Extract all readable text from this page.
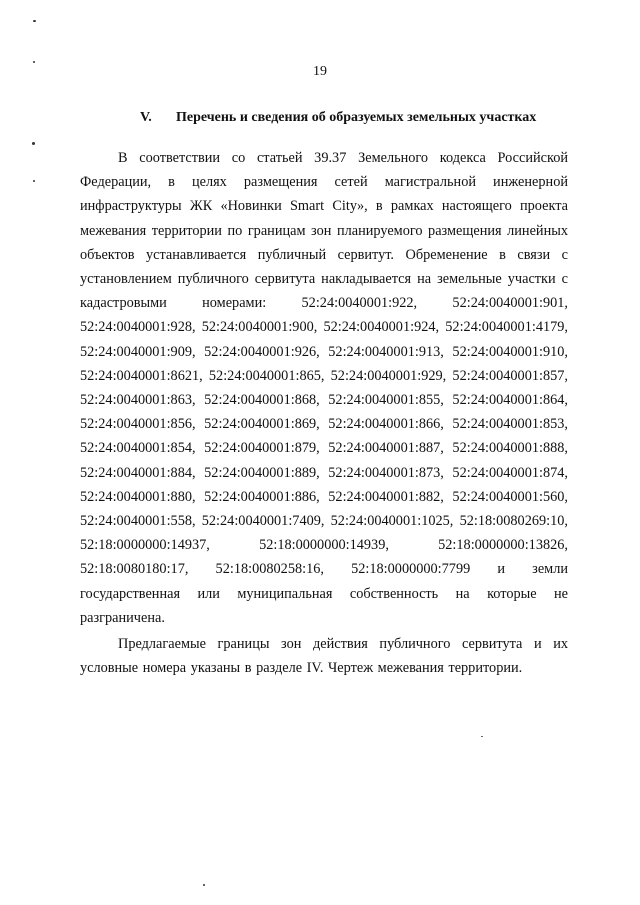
19
V. Перечень и сведения об образуемых земельных участках

В соответствии со статьей 39.37 Земельного кодекса Российской Федерации, в целях размещения сетей магистральной инженерной инфраструктуры ЖК «Новинки Smart City», в рамках настоящего проекта межевания территории по границам зон планируемого размещения линейных объектов устанавливается публичный сервитут. Обременение в связи с установлением публичного сервитута накладывается на земельные участки с кадастровыми номерами: 52:24:0040001:922, 52:24:0040001:901, 52:24:0040001:928, 52:24:0040001:900, 52:24:0040001:924, 52:24:0040001:4179, 52:24:0040001:909, 52:24:0040001:926, 52:24:0040001:913, 52:24:0040001:910, 52:24:0040001:8621, 52:24:0040001:865, 52:24:0040001:929, 52:24:0040001:857, 52:24:0040001:863, 52:24:0040001:868, 52:24:0040001:855, 52:24:0040001:864, 52:24:0040001:856, 52:24:0040001:869, 52:24:0040001:866, 52:24:0040001:853, 52:24:0040001:854, 52:24:0040001:879, 52:24:0040001:887, 52:24:0040001:888, 52:24:0040001:884, 52:24:0040001:889, 52:24:0040001:873, 52:24:0040001:874, 52:24:0040001:880, 52:24:0040001:886, 52:24:0040001:882, 52:24:0040001:560, 52:24:0040001:558, 52:24:0040001:7409, 52:24:0040001:1025, 52:18:0080269:10, 52:18:0000000:14937, 52:18:0000000:14939, 52:18:0000000:13826, 52:18:0080180:17, 52:18:0080258:16, 52:18:0000000:7799 и земли государственная или муниципальная собственность на которые не разграничена.

Предлагаемые границы зон действия публичного сервитута и их условные номера указаны в разделе IV. Чертеж межевания территории.
